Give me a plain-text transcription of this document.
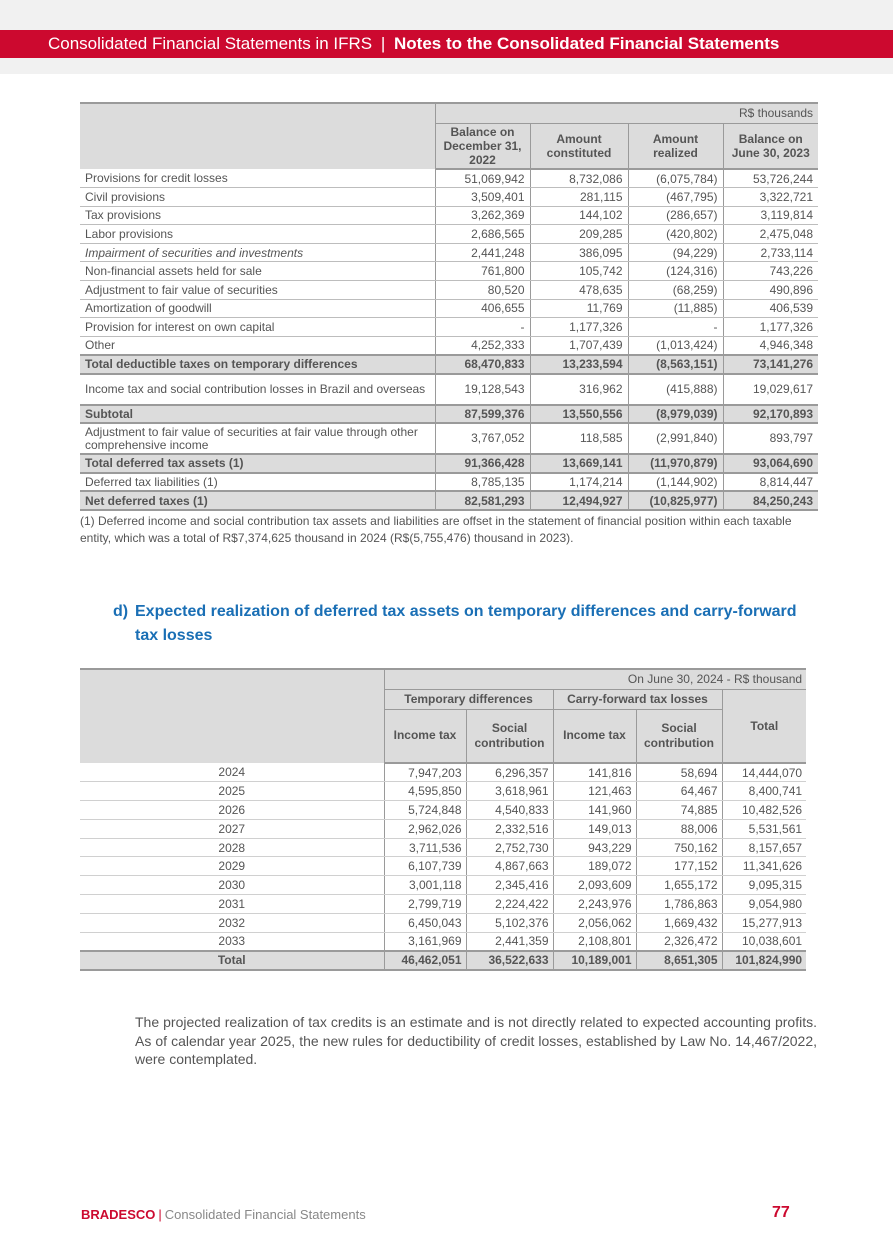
Consolidated Financial Statements in IFRS | Notes to the Consolidated Financial Statements
	R$ thousands			
	Balance on December 31, 2022	Amount constituted	Amount realized	Balance on June 30, 2023
Provisions for credit losses	51,069,942	8,732,086	(6,075,784)	53,726,244
Civil provisions	3,509,401	281,115	(467,795)	3,322,721
Tax provisions	3,262,369	144,102	(286,657)	3,119,814
Labor provisions	2,686,565	209,285	(420,802)	2,475,048
Impairment of securities and investments	2,441,248	386,095	(94,229)	2,733,114
Non-financial assets held for sale	761,800	105,742	(124,316)	743,226
Adjustment to fair value of securities	80,520	478,635	(68,259)	490,896
Amortization of goodwill	406,655	11,769	(11,885)	406,539
Provision for interest on own capital	-	1,177,326	-	1,177,326
Other	4,252,333	1,707,439	(1,013,424)	4,946,348
Total deductible taxes on temporary differences	68,470,833	13,233,594	(8,563,151)	73,141,276
Income tax and social contribution losses in Brazil and overseas	19,128,543	316,962	(415,888)	19,029,617
Subtotal	87,599,376	13,550,556	(8,979,039)	92,170,893
Adjustment to fair value of securities at fair value through other comprehensive income	3,767,052	118,585	(2,991,840)	893,797
Total deferred tax assets (1)	91,366,428	13,669,141	(11,970,879)	93,064,690
Deferred tax liabilities (1)	8,785,135	1,174,214	(1,144,902)	8,814,447
Net deferred taxes (1)	82,581,293	12,494,927	(10,825,977)	84,250,243

(1) Deferred income and social contribution tax assets and liabilities are offset in the statement of financial position within each taxable entity, which was a total of R$7,374,625 thousand in 2024 (R$(5,755,476) thousand in 2023).

d) Expected realization of deferred tax assets on temporary differences and carry-forward tax losses
	On June 30, 2024 - R$ thousand				
	Temporary differences		Carry-forward tax losses		Total
	Income tax	Social contribution	Income tax	Social contribution	
2024	7,947,203	6,296,357	141,816	58,694	14,444,070
2025	4,595,850	3,618,961	121,463	64,467	8,400,741
2026	5,724,848	4,540,833	141,960	74,885	10,482,526
2027	2,962,026	2,332,516	149,013	88,006	5,531,561
2028	3,711,536	2,752,730	943,229	750,162	8,157,657
2029	6,107,739	4,867,663	189,072	177,152	11,341,626
2030	3,001,118	2,345,416	2,093,609	1,655,172	9,095,315
2031	2,799,719	2,224,422	2,243,976	1,786,863	9,054,980
2032	6,450,043	5,102,376	2,056,062	1,669,432	15,277,913
2033	3,161,969	2,441,359	2,108,801	2,326,472	10,038,601
Total	46,462,051	36,522,633	10,189,001	8,651,305	101,824,990

The projected realization of tax credits is an estimate and is not directly related to expected accounting profits. As of calendar year 2025, the new rules for deductibility of credit losses, established by Law No. 14,467/2022, were contemplated.

BRADESCO | Consolidated Financial Statements	77
